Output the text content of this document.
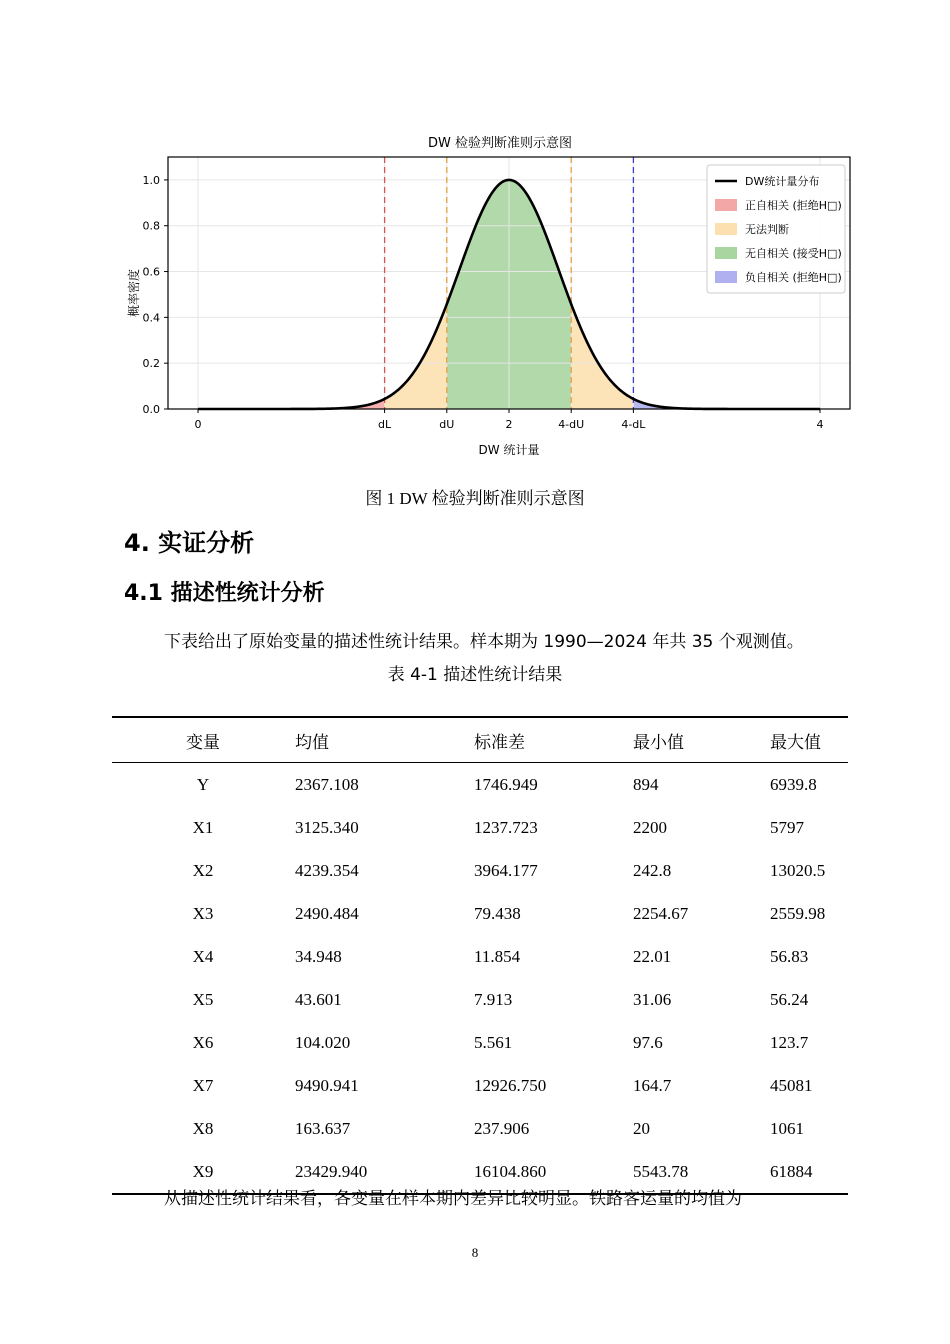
0.0
0.2
0.4
0.6
0.8
1.0
0	dL	dU	2	4-dU	4-dL	4
DW 检验判断准则示意图
DW 统计量
概率密度
DW统计量分布
正自相关 (拒绝H□)
无法判断
无自相关 (接受H□)
负自相关 (拒绝H□)
图 1 DW 检验判断准则示意图
4. 实证分析
4.1 描述性统计分析
下表给出了原始变量的描述性统计结果。样本期为 1990—2024 年共 35 个观测值。
表 4-1 描述性统计结果
变量	均值	标准差	最小值	最大值
Y	2367.108	1746.949	894	6939.8
X1	3125.340	1237.723	2200	5797
X2	4239.354	3964.177	242.8	13020.5
X3	2490.484	79.438	2254.67	2559.98
X4	34.948	11.854	22.01	56.83
X5	43.601	7.913	31.06	56.24
X6	104.020	5.561	97.6	123.7
X7	9490.941	12926.750	164.7	45081
X8	163.637	237.906	20	1061
X9	23429.940	16104.860	5543.78	61884
从描述性统计结果看，各变量在样本期内差异比较明显。铁路客运量的均值为
8
